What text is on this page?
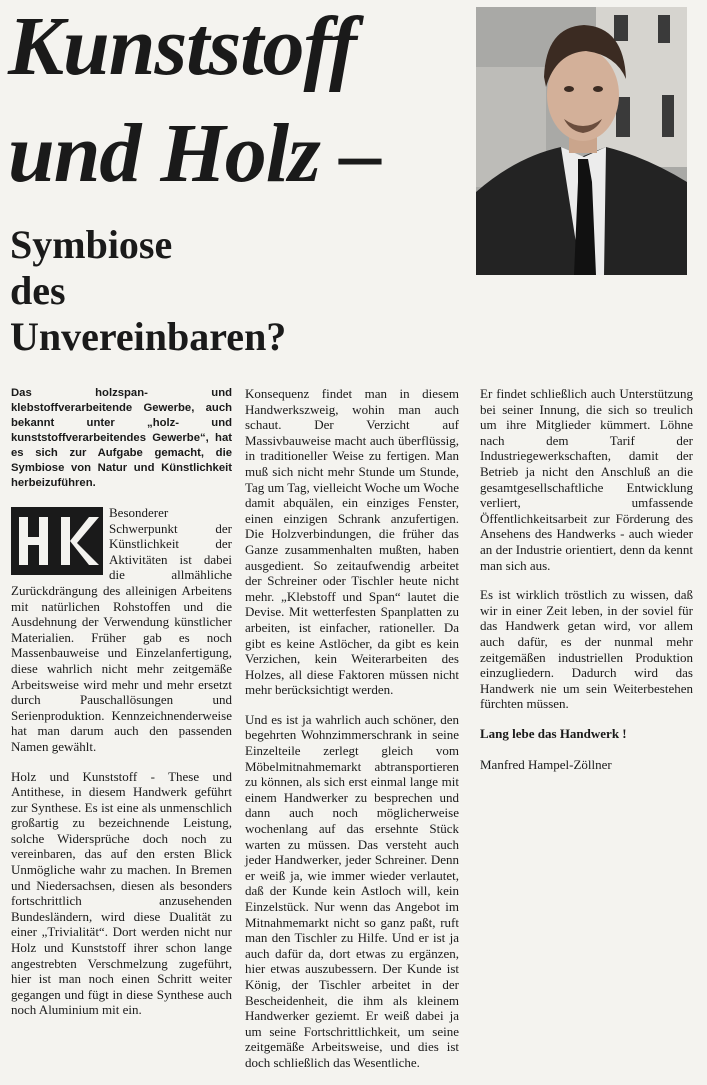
Kunststoff
und Holz –
Symbiose
des
Unvereinbaren?

Das holzspan- und klebstoffverarbeitende Gewerbe, auch bekannt unter „holz- und kunststoffverarbeitendes Gewerbe“, hat es sich zur Aufgabe gemacht, die Symbiose von Natur und Künstlichkeit herbeizuführen.

Besonderer Schwerpunkt der Künstlichkeit der Aktivitäten ist dabei die allmähliche Zurückdrängung des alleinigen Arbeitens mit natürlichen Rohstoffen und die Ausdehnung der Verwendung künstlicher Materialien. Früher gab es noch Massenbauweise und Einzelanfertigung, diese wahrlich nicht mehr zeitgemäße Arbeitsweise wird mehr und mehr ersetzt durch Pauschallösungen und Serienproduktion. Kennzeichnenderweise hat man darum auch den passenden Namen gewählt.

Holz und Kunststoff - These und Antithese, in diesem Handwerk geführt zur Synthese. Es ist eine als unmenschlich großartig zu bezeichnende Leistung, solche Widersprüche doch noch zu vereinbaren, das auf den ersten Blick Unmögliche wahr zu machen. In Bremen und Niedersachsen, diesen als besonders fortschrittlich anzusehenden Bundesländern, wird diese Dualität zu einer „Trivialität“. Dort werden nicht nur Holz und Kunststoff ihrer schon lange angestrebten Verschmelzung zugeführt, hier ist man noch einen Schritt weiter gegangen und fügt in diese Synthese auch noch Aluminium mit ein.

Konsequenz findet man in diesem Handwerkszweig, wohin man auch schaut. Der Verzicht auf Massivbauweise macht auch überflüssig, in traditioneller Weise zu fertigen. Man muß sich nicht mehr Stunde um Stunde, Tag um Tag, vielleicht Woche um Woche damit abquälen, ein einziges Fenster, einen einzigen Schrank anzufertigen. Die Holzverbindungen, die früher das Ganze zusammenhalten mußten, haben ausgedient. So zeitaufwendig arbeitet der Schreiner oder Tischler heute nicht mehr. „Klebstoff und Span“ lautet die Devise. Mit wetterfesten Spanplatten zu arbeiten, ist einfacher, rationeller. Da gibt es keine Astlöcher, da gibt es kein Verzichen, kein Weiterarbeiten des Holzes, all diese Faktoren müssen nicht mehr berücksichtigt werden.

Und es ist ja wahrlich auch schöner, den begehrten Wohnzimmerschrank in seine Einzelteile zerlegt gleich vom Möbelmitnahmemarkt abtransportieren zu können, als sich erst einmal lange mit einem Handwerker zu besprechen und dann auch noch möglicherweise wochenlang auf das ersehnte Stück warten zu müssen. Das versteht auch jeder Handwerker, jeder Schreiner. Denn er weiß ja, wie immer wieder verlautet, daß der Kunde kein Astloch will, kein Einzelstück. Nur wenn das Angebot im Mitnahmemarkt nicht so ganz paßt, ruft man den Tischler zu Hilfe. Und er ist ja auch dafür da, dort etwas zu ergänzen, hier etwas auszubessern. Der Kunde ist König, der Tischler arbeitet in der Bescheidenheit, die ihm als kleinem Handwerker geziemt. Er weiß dabei ja um seine Fortschrittlichkeit, um seine zeitgemäße Arbeitsweise, und dies ist doch schließlich das Wesentliche.

Er findet schließlich auch Unterstützung bei seiner Innung, die sich so treulich um ihre Mitglieder kümmert. Löhne nach dem Tarif der Industriegewerkschaften, damit der Betrieb ja nicht den Anschluß an die gesamtgesellschaftliche Entwicklung verliert, umfassende Öffentlichkeitsarbeit zur Förderung des Ansehens des Handwerks - auch wieder an der Industrie orientiert, denn da kennt man sich aus.

Es ist wirklich tröstlich zu wissen, daß wir in einer Zeit leben, in der soviel für das Handwerk getan wird, vor allem auch dafür, es der nunmal mehr zeitgemäßen industriellen Produktion einzugliedern. Dadurch wird das Handwerk nie um sein Weiterbestehen fürchten müssen.

Lang lebe das Handwerk !

Manfred Hampel-Zöllner
